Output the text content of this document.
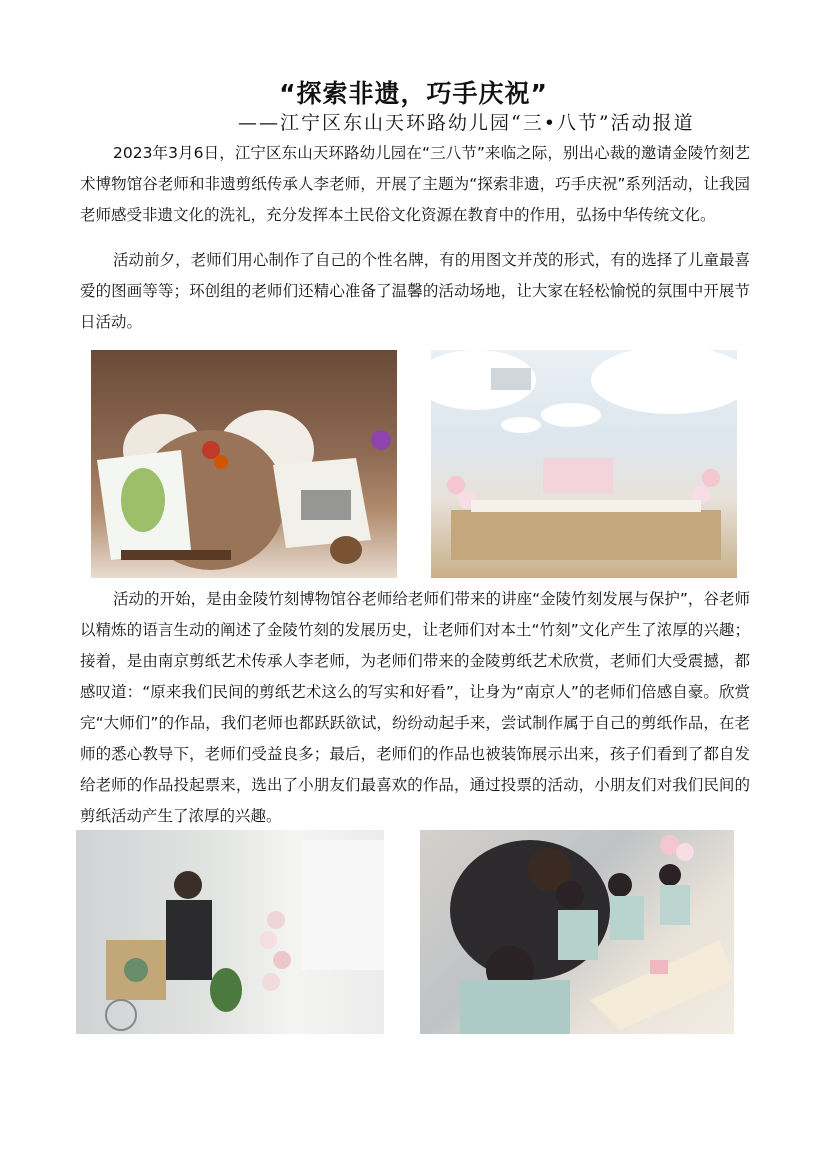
“探索非遗，巧手庆祝”
——江宁区东山天环路幼儿园“三•八节”活动报道

2023年3月6日，江宁区东山天环路幼儿园在“三八节”来临之际，别出心裁的邀请金陵竹刻艺术博物馆谷老师和非遗剪纸传承人李老师，开展了主题为“探索非遗，巧手庆祝”系列活动，让我园老师感受非遗文化的洗礼，充分发挥本土民俗文化资源在教育中的作用，弘扬中华传统文化。

活动前夕，老师们用心制作了自己的个性名牌，有的用图文并茂的形式，有的选择了儿童最喜爱的图画等等；环创组的老师们还精心准备了温馨的活动场地，让大家在轻松愉悦的氛围中开展节日活动。

活动的开始，是由金陵竹刻博物馆谷老师给老师们带来的讲座“金陵竹刻发展与保护”，谷老师以精炼的语言生动的阐述了金陵竹刻的发展历史，让老师们对本土“竹刻”文化产生了浓厚的兴趣；接着，是由南京剪纸艺术传承人李老师，为老师们带来的金陵剪纸艺术欣赏，老师们大受震撼，都感叹道：“原来我们民间的剪纸艺术这么的写实和好看”，让身为“南京人”的老师们倍感自豪。欣赏完“大师们”的作品，我们老师也都跃跃欲试，纷纷动起手来，尝试制作属于自己的剪纸作品，在老师的悉心教导下，老师们受益良多；最后，老师们的作品也被装饰展示出来，孩子们看到了都自发给老师的作品投起票来，选出了小朋友们最喜欢的作品，通过投票的活动，小朋友们对我们民间的剪纸活动产生了浓厚的兴趣。
